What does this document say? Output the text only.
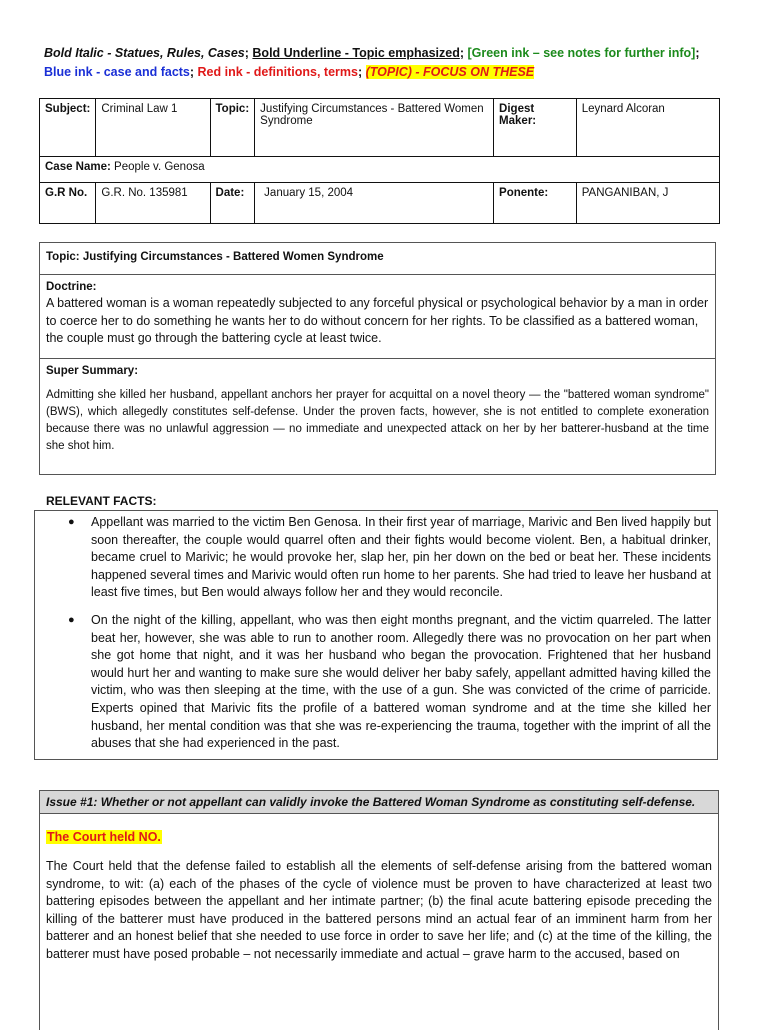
Bold Italic - Statues, Rules, Cases; Bold Underline - Topic emphasized; [Green ink – see notes for further info]; Blue ink - case and facts; Red ink - definitions, terms; (TOPIC) - FOCUS ON THESE
Subject:	Criminal Law 1	Topic:	Justifying Circumstances - Battered Women Syndrome	Digest Maker:	Leynard Alcoran
Case Name: People v. Genosa					
G.R No.	G.R. No. 135981	Date:	January 15, 2004	Ponente:	PANGANIBAN, J
Topic: Justifying Circumstances - Battered Women Syndrome
Doctrine:
A battered woman is a woman repeatedly subjected to any forceful physical or psychological behavior by a man in order to coerce her to do something he wants her to do without concern for her rights. To be classified as a battered woman, the couple must go through the battering cycle at least twice.
Super Summary:
Admitting she killed her husband, appellant anchors her prayer for acquittal on a novel theory — the "battered woman syndrome" (BWS), which allegedly constitutes self-defense. Under the proven facts, however, she is not entitled to complete exoneration because there was no unlawful aggression — no immediate and unexpected attack on her by her batterer-husband at the time she shot him.
RELEVANT FACTS:
● Appellant was married to the victim Ben Genosa. In their first year of marriage, Marivic and Ben lived happily but soon thereafter, the couple would quarrel often and their fights would become violent. Ben, a habitual drinker, became cruel to Marivic; he would provoke her, slap her, pin her down on the bed or beat her. These incidents happened several times and Marivic would often run home to her parents. She had tried to leave her husband at least five times, but Ben would always follow her and they would reconcile.
● On the night of the killing, appellant, who was then eight months pregnant, and the victim quarreled. The latter beat her, however, she was able to run to another room. Allegedly there was no provocation on her part when she got home that night, and it was her husband who began the provocation. Frightened that her husband would hurt her and wanting to make sure she would deliver her baby safely, appellant admitted having killed the victim, who was then sleeping at the time, with the use of a gun. She was convicted of the crime of parricide. Experts opined that Marivic fits the profile of a battered woman syndrome and at the time she killed her husband, her mental condition was that she was re-experiencing the trauma, together with the imprint of all the abuses that she had experienced in the past.
Issue #1: Whether or not appellant can validly invoke the Battered Woman Syndrome as constituting self-defense.
The Court held NO.
The Court held that the defense failed to establish all the elements of self-defense arising from the battered woman syndrome, to wit: (a) each of the phases of the cycle of violence must be proven to have characterized at least two battering episodes between the appellant and her intimate partner; (b) the final acute battering episode preceding the killing of the batterer must have produced in the battered persons mind an actual fear of an imminent harm from her batterer and an honest belief that she needed to use force in order to save her life; and (c) at the time of the killing, the batterer must have posed probable – not necessarily immediate and actual – grave harm to the accused, based on
